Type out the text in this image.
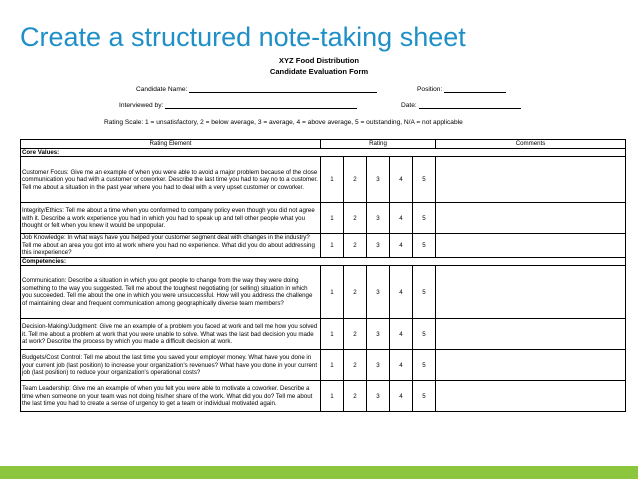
Create a structured note-taking sheet
XYZ Food Distribution
Candidate Evaluation Form
Candidate Name:	Position:
Interviewed by:	Date:
Rating Scale: 1 = unsatisfactory, 2 = below average, 3 = average, 4 = above average, 5 = outstanding, N/A = not applicable
Rating Element	Rating					Comments
Core Values:						
Customer Focus: Give me an example of when you were able to avoid a major problem because of the close communication you had with a customer or coworker. Describe the last time you had to say no to a customer. Tell me about a situation in the past year where you had to deal with a very upset customer or coworker.	1	2	3	4	5	
Integrity/Ethics: Tell me about a time when you conformed to company policy even though you did not agree with it. Describe a work experience you had in which you had to speak up and tell other people what you thought or felt when you knew it would be unpopular.	1	2	3	4	5	
Job Knowledge: In what ways have you helped your customer segment deal with changes in the industry? Tell me about an area you got into at work where you had no experience. What did you do about addressing this inexperience?	1	2	3	4	5	
Competencies:						
Communication: Describe a situation in which you got people to change from the way they were doing something to the way you suggested. Tell me about the toughest negotiating (or selling) situation in which you succeeded. Tell me about the one in which you were unsuccessful. How will you address the challenge of maintaining clear and frequent communication among geographically diverse team members?	1	2	3	4	5	
Decision-Making/Judgment: Give me an example of a problem you faced at work and tell me how you solved it. Tell me about a problem at work that you were unable to solve. What was the last bad decision you made at work? Describe the process by which you made a difficult decision at work.	1	2	3	4	5	
Budgets/Cost Control: Tell me about the last time you saved your employer money. What have you done in your current job (last position) to increase your organization's revenues? What have you done in your current job (last position) to reduce your organization's operational costs?	1	2	3	4	5	
Team Leadership: Give me an example of when you felt you were able to motivate a coworker. Describe a time when someone on your team was not doing his/her share of the work. What did you do? Tell me about the last time you had to create a sense of urgency to get a team or individual motivated again.	1	2	3	4	5	
